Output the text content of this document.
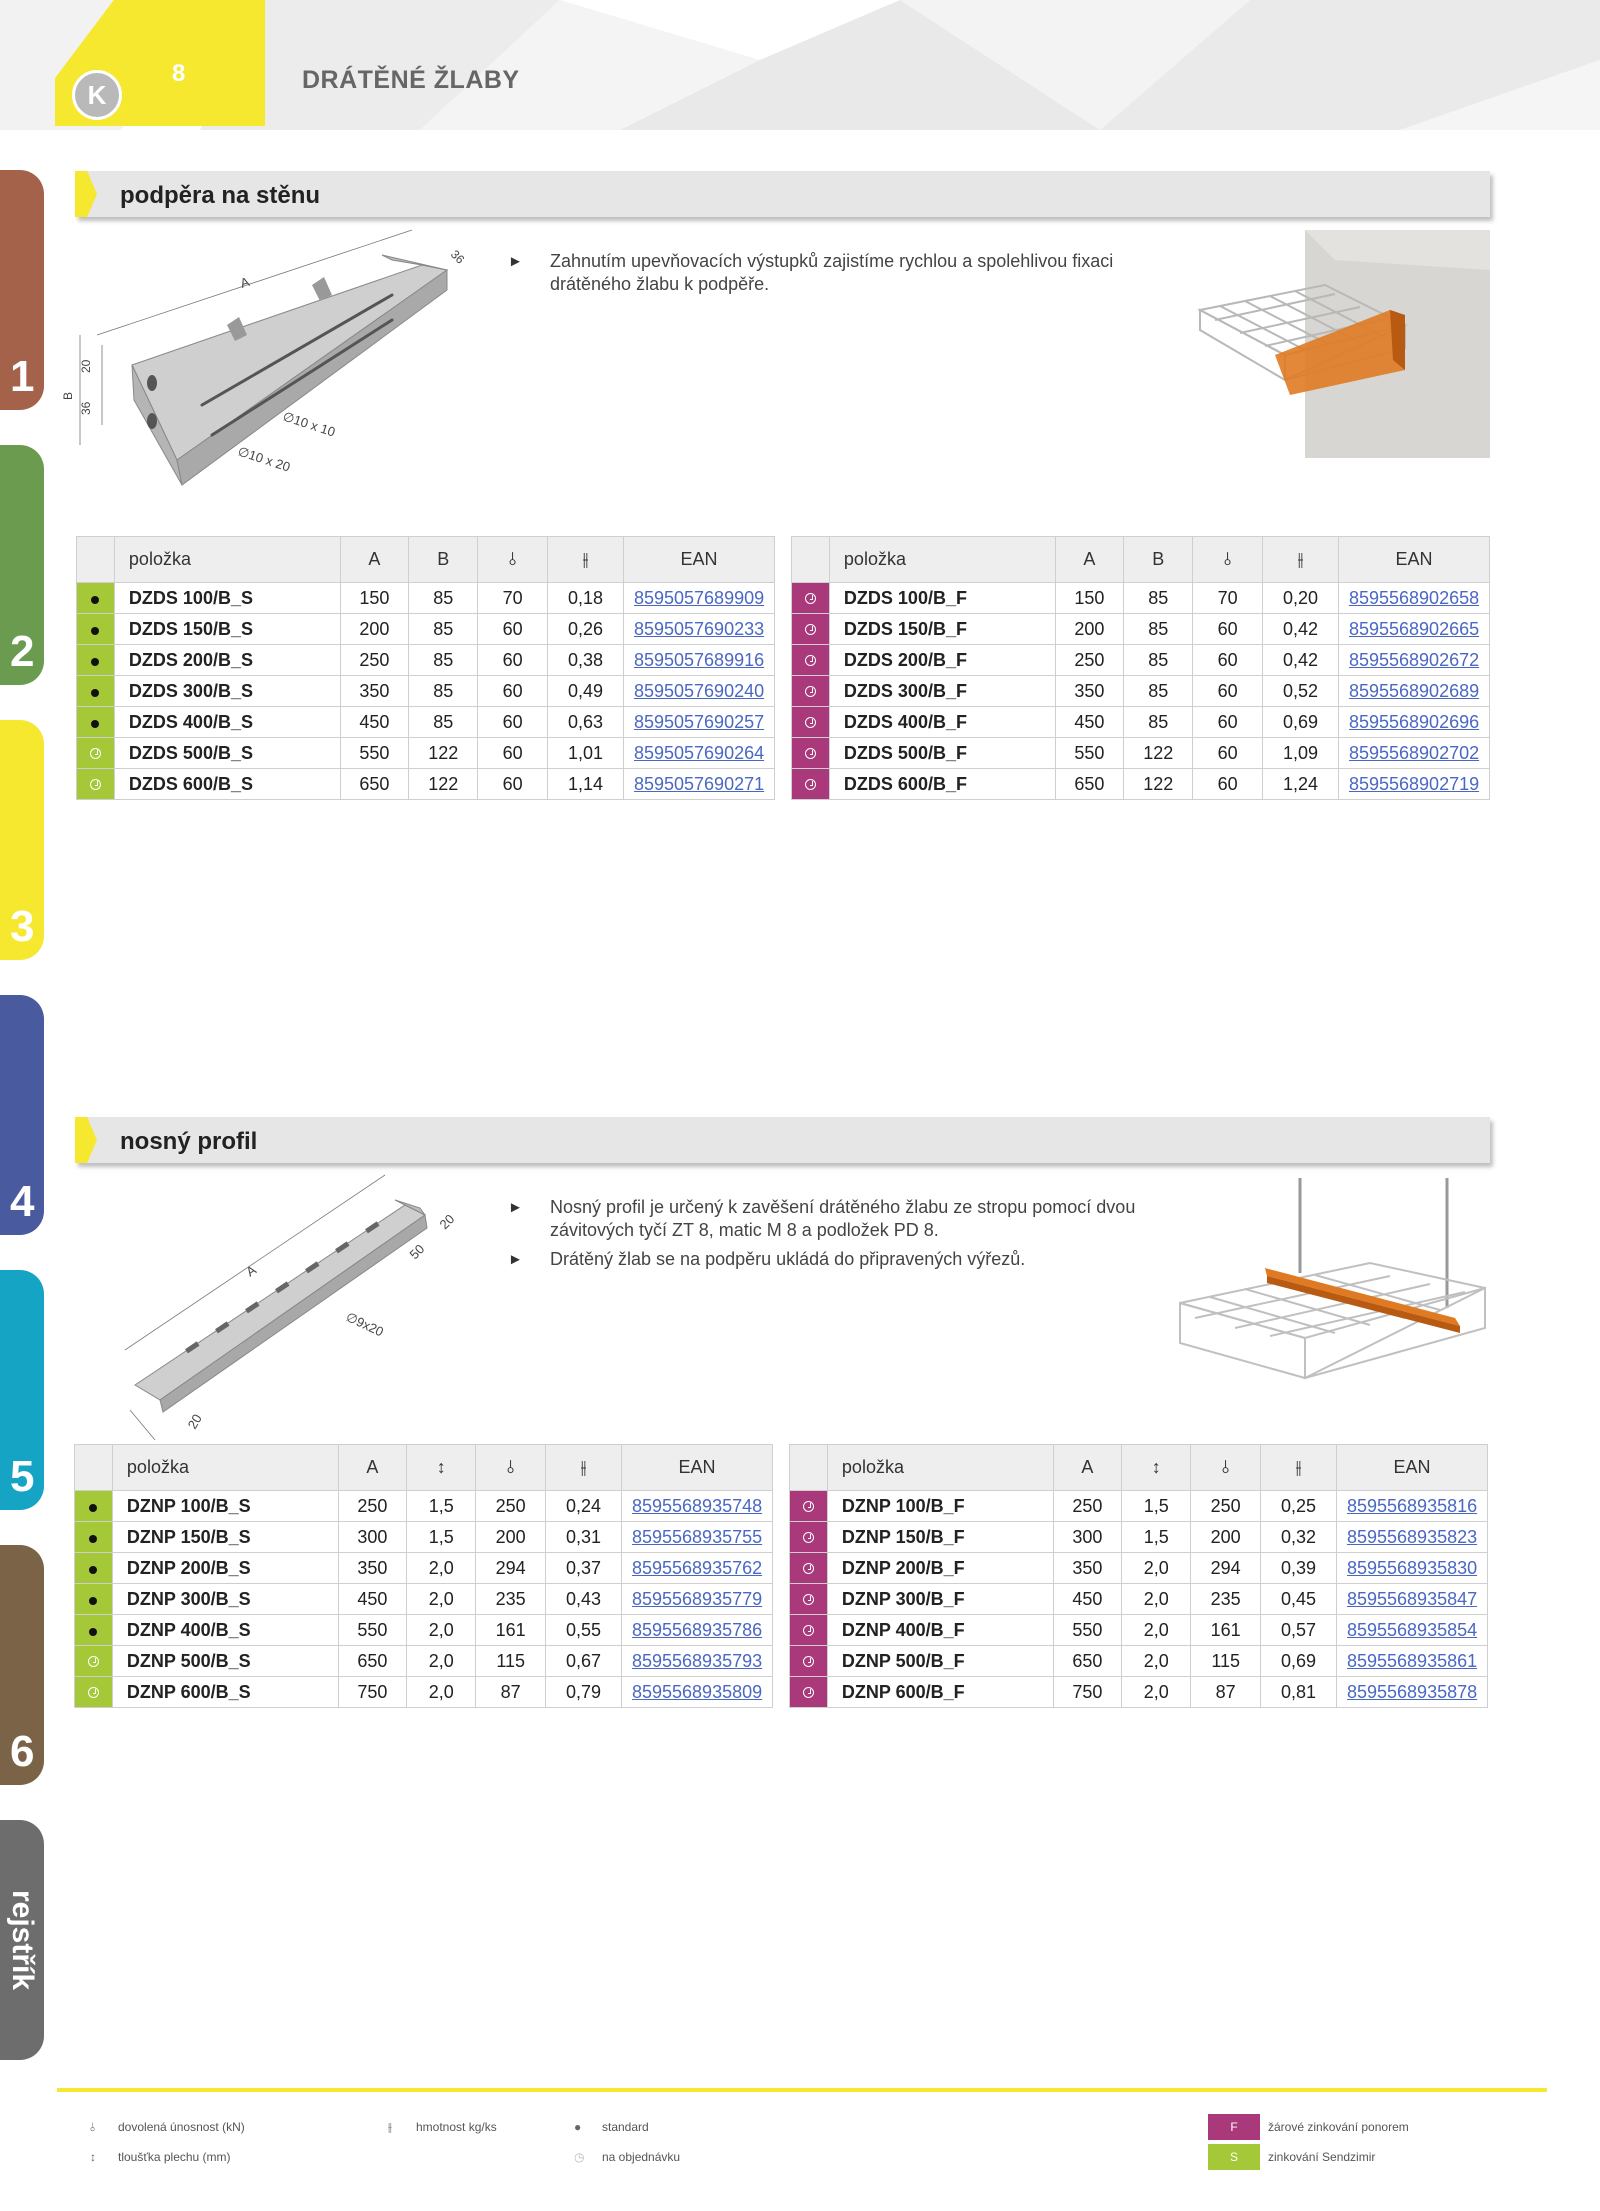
K
8	DRÁTĚNÉ ŽLABY
1
2
3
4
5
6
rejstřík
podpěra na stěnu
A
B
36
20
36
∅10 x 10
∅10 x 20
► Zahnutím upevňovacích výstupků zajistíme rychlou a spolehlivou fixaci drátěného žlabu k podpěře.
	položka	A	B	⫰	⫲	EAN
	DZDS 100/B_S	150	85	70	0,18	8595057689909
	DZDS 150/B_S	200	85	60	0,26	8595057690233
	DZDS 200/B_S	250	85	60	0,38	8595057689916
	DZDS 300/B_S	350	85	60	0,49	8595057690240
	DZDS 400/B_S	450	85	60	0,63	8595057690257
	DZDS 500/B_S	550	122	60	1,01	8595057690264
	DZDS 600/B_S	650	122	60	1,14	8595057690271
	položka	A	B	⫰	⫲	EAN
	DZDS 100/B_F	150	85	70	0,20	8595568902658
	DZDS 150/B_F	200	85	60	0,42	8595568902665
	DZDS 200/B_F	250	85	60	0,42	8595568902672
	DZDS 300/B_F	350	85	60	0,52	8595568902689
	DZDS 400/B_F	450	85	60	0,69	8595568902696
	DZDS 500/B_F	550	122	60	1,09	8595568902702
	DZDS 600/B_F	650	122	60	1,24	8595568902719
nosný profil
A
20
50
∅9x20
20
► Nosný profil je určený k zavěšení drátěného žlabu ze stropu pomocí dvou závitových tyčí ZT 8, matic M 8 a podložek PD 8.
► Drátěný žlab se na podpěru ukládá do připravených výřezů.
	položka	A	↕	⫰	⫲	EAN
	DZNP 100/B_S	250	1,5	250	0,24	8595568935748
	DZNP 150/B_S	300	1,5	200	0,31	8595568935755
	DZNP 200/B_S	350	2,0	294	0,37	8595568935762
	DZNP 300/B_S	450	2,0	235	0,43	8595568935779
	DZNP 400/B_S	550	2,0	161	0,55	8595568935786
	DZNP 500/B_S	650	2,0	115	0,67	8595568935793
	DZNP 600/B_S	750	2,0	87	0,79	8595568935809
	položka	A	↕	⫰	⫲	EAN
	DZNP 100/B_F	250	1,5	250	0,25	8595568935816
	DZNP 150/B_F	300	1,5	200	0,32	8595568935823
	DZNP 200/B_F	350	2,0	294	0,39	8595568935830
	DZNP 300/B_F	450	2,0	235	0,45	8595568935847
	DZNP 400/B_F	550	2,0	161	0,57	8595568935854
	DZNP 500/B_F	650	2,0	115	0,69	8595568935861
	DZNP 600/B_F	750	2,0	87	0,81	8595568935878
⫰ dovolená únosnost (kN)
↕ tloušťka plechu (mm)
⫲ hmotnost kg/ks	● standard
◷ na objednávku
F	žárové zinkování ponorem
S	zinkování Sendzimir
